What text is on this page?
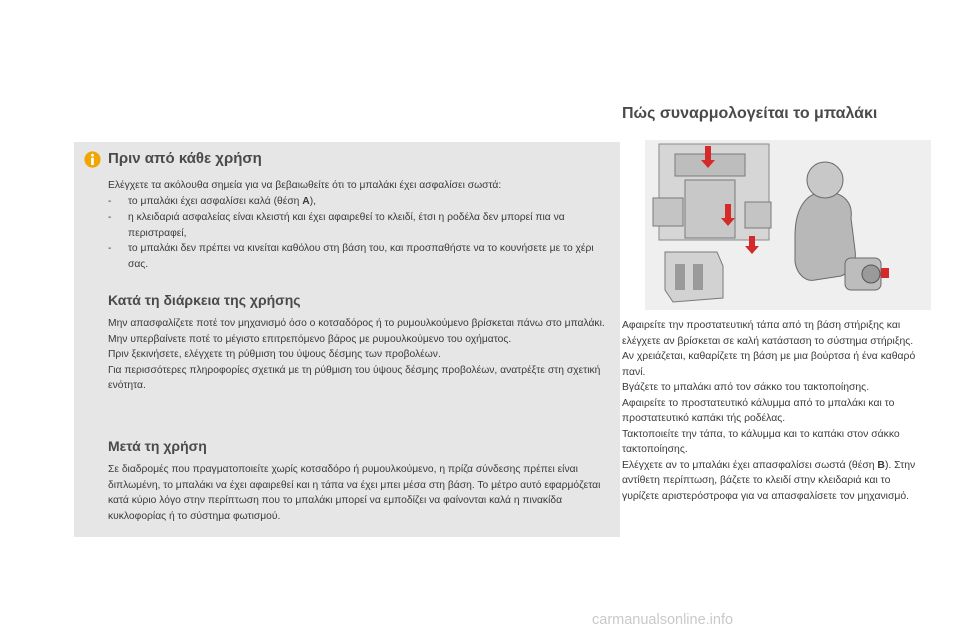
Πριν από κάθε χρήση
Ελέγχετε τα ακόλουθα σημεία για να βεβαιωθείτε ότι το μπαλάκι έχει ασφαλίσει σωστά:
- το μπαλάκι έχει ασφαλίσει καλά (θέση A),
- η κλειδαριά ασφαλείας είναι κλειστή και έχει αφαιρεθεί το κλειδί, έτσι η ροδέλα δεν μπορεί πια να περιστραφεί,
- το μπαλάκι δεν πρέπει να κινείται καθόλου στη βάση του, και προσπαθήστε να το κουνήσετε με το χέρι σας.
Κατά τη διάρκεια της χρήσης
Μην απασφαλίζετε ποτέ τον μηχανισμό όσο ο κοτσαδόρος ή το ρυμουλκούμενο βρίσκεται πάνω στο μπαλάκι.
Μην υπερβαίνετε ποτέ το μέγιστο επιτρεπόμενο βάρος με ρυμουλκούμενο του οχήματος.
Πριν ξεκινήσετε, ελέγχετε τη ρύθμιση του ύψους δέσμης των προβολέων.
Για περισσότερες πληροφορίες σχετικά με τη ρύθμιση του ύψους δέσμης προβολέων, ανατρέξτε στη σχετική ενότητα.
Μετά τη χρήση
Σε διαδρομές που πραγματοποιείτε χωρίς κοτσαδόρο ή ρυμουλκούμενο, η πρίζα σύνδεσης πρέπει είναι διπλωμένη, το μπαλάκι να έχει αφαιρεθεί και η τάπα να έχει μπει μέσα στη βάση. Το μέτρο αυτό εφαρμόζεται κατά κύριο λόγο στην περίπτωση που το μπαλάκι μπορεί να εμποδίζει να φαίνονται καλά η πινακίδα κυκλοφορίας ή το σύστημα φωτισμού.
Πώς συναρμολογείται το μπαλάκι
Αφαιρείτε την προστατευτική τάπα από τη βάση στήριξης και ελέγχετε αν βρίσκεται σε καλή κατάσταση το σύστημα στήριξης. Αν χρειάζεται, καθαρίζετε τη βάση με μια βούρτσα ή ένα καθαρό πανί.
Βγάζετε το μπαλάκι από τον σάκκο του τακτοποίησης.
Αφαιρείτε το προστατευτικό κάλυμμα από το μπαλάκι και το προστατευτικό καπάκι τής ροδέλας.
Τακτοποιείτε την τάπα, το κάλυμμα και το καπάκι στον σάκκο τακτοποίησης.
Ελέγχετε αν το μπαλάκι έχει απασφαλίσει σωστά (θέση B). Στην αντίθετη περίπτωση, βάζετε το κλειδί στην κλειδαριά και το γυρίζετε αριστερόστροφα για να απασφαλίσετε τον μηχανισμό.
carmanualsonline.info
